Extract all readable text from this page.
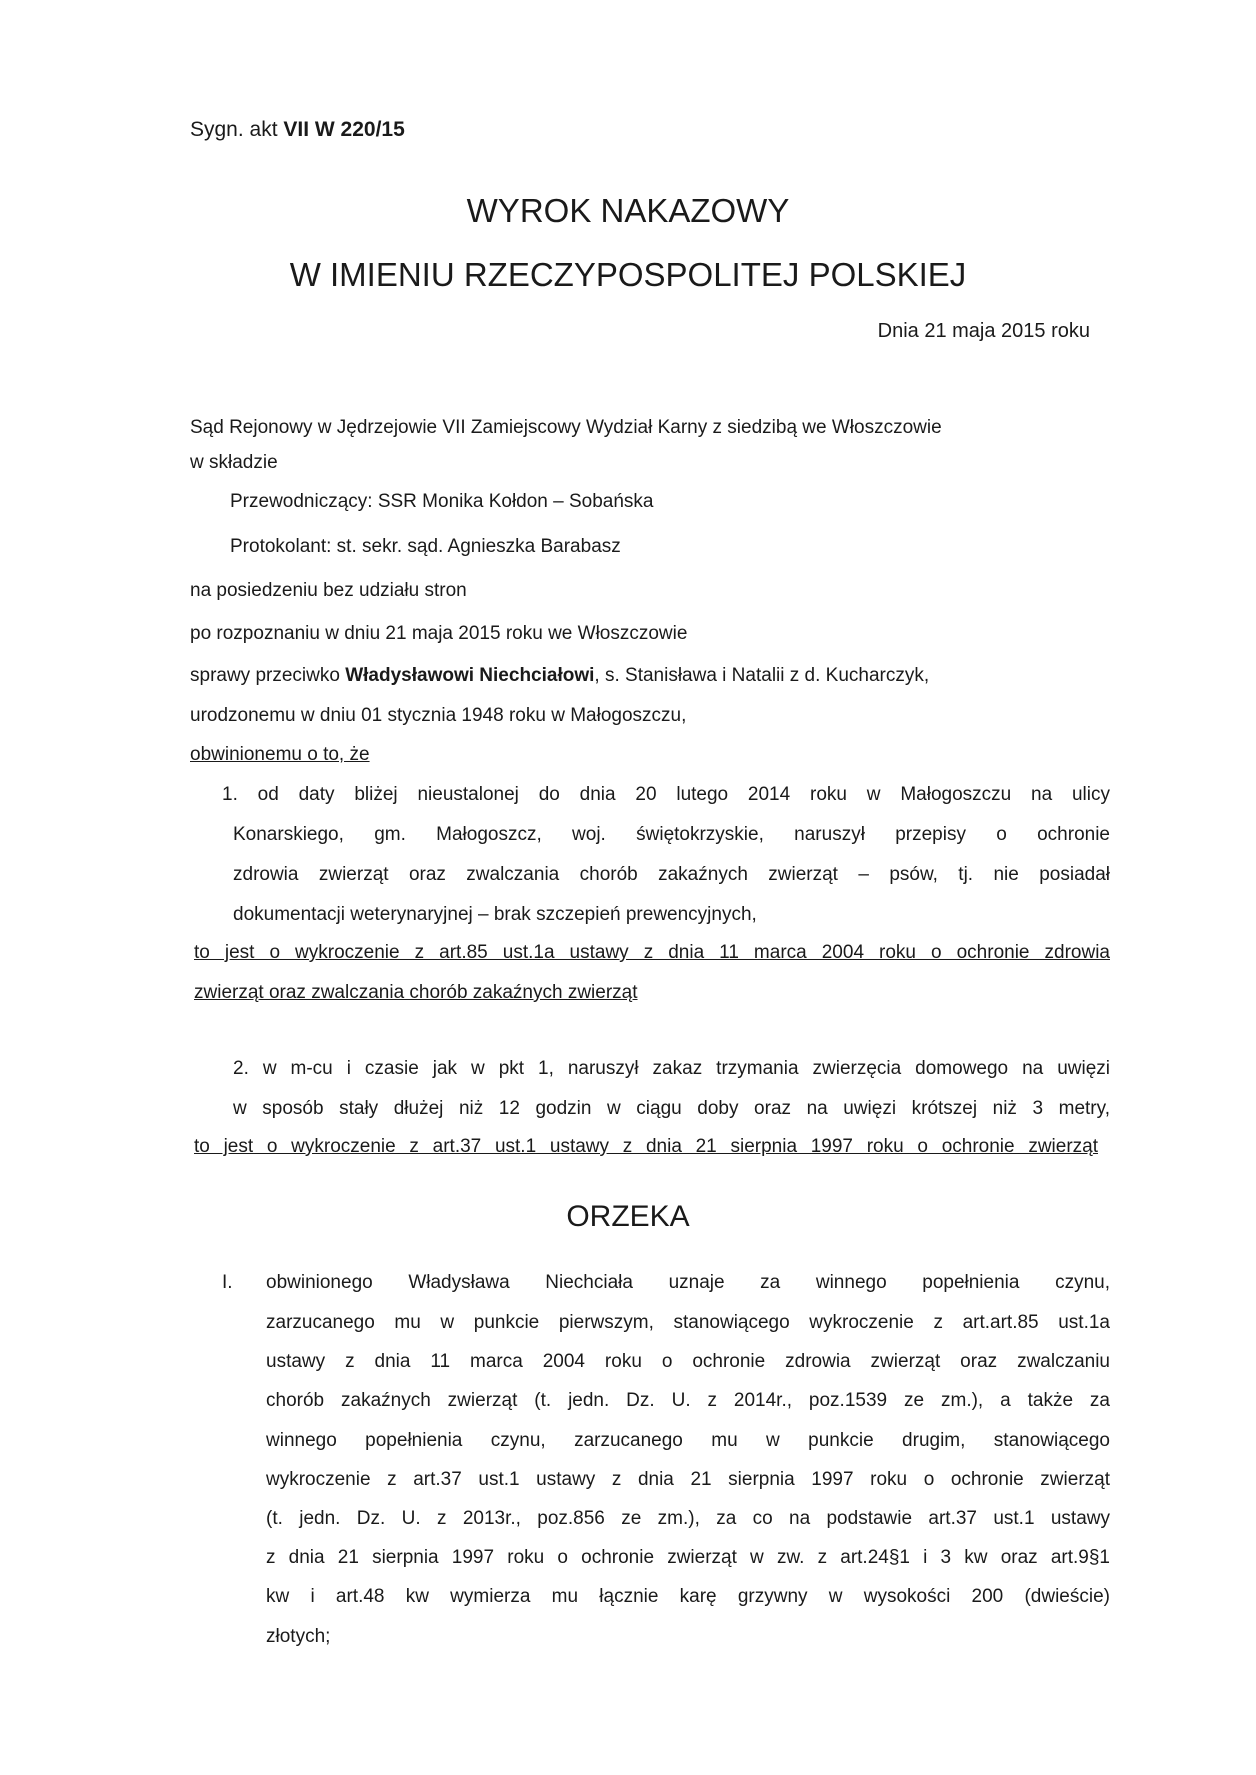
Sygn. akt VII W 220/15
WYROK NAKAZOWY
W IMIENIU RZECZYPOSPOLITEJ POLSKIEJ
Dnia 21 maja 2015 roku
Sąd Rejonowy w Jędrzejowie VII Zamiejscowy Wydział Karny z siedzibą we Włoszczowie
w składzie
Przewodniczący: SSR Monika Kołdon – Sobańska
Protokolant: st. sekr. sąd. Agnieszka Barabasz
na posiedzeniu bez udziału stron
po rozpoznaniu w dniu 21 maja 2015 roku we Włoszczowie
sprawy przeciwko Władysławowi Niechciałowi, s. Stanisława i Natalii z d. Kucharczyk,
urodzonemu w dniu 01 stycznia 1948 roku w Małogoszczu,
obwinionemu o to, że
1. od daty bliżej nieustalonej do dnia 20 lutego 2014 roku w Małogoszczu na ulicy
Konarskiego, gm. Małogoszcz, woj. świętokrzyskie, naruszył przepisy o ochronie
zdrowia zwierząt oraz zwalczania chorób zakaźnych zwierząt – psów, tj. nie posiadał
dokumentacji weterynaryjnej – brak szczepień prewencyjnych,
to jest o wykroczenie z art.85 ust.1a ustawy z dnia 11 marca 2004 roku o ochronie zdrowia
zwierząt oraz zwalczania chorób zakaźnych zwierząt
2. w m-cu i czasie jak w pkt 1, naruszył zakaz trzymania zwierzęcia domowego na uwięzi
w sposób stały dłużej niż 12 godzin w ciągu doby oraz na uwięzi krótszej niż 3 metry,
to jest o wykroczenie z art.37 ust.1 ustawy z dnia 21 sierpnia 1997 roku o ochronie zwierząt
ORZEKA
I. obwinionego Władysława Niechciała uznaje za winnego popełnienia czynu,
zarzucanego mu w punkcie pierwszym, stanowiącego wykroczenie z art.art.85 ust.1a
ustawy z dnia 11 marca 2004 roku o ochronie zdrowia zwierząt oraz zwalczaniu
chorób zakaźnych zwierząt (t. jedn. Dz. U. z 2014r., poz.1539 ze zm.), a także za
winnego popełnienia czynu, zarzucanego mu w punkcie drugim, stanowiącego
wykroczenie z art.37 ust.1 ustawy z dnia 21 sierpnia 1997 roku o ochronie zwierząt
(t. jedn. Dz. U. z 2013r., poz.856 ze zm.), za co na podstawie art.37 ust.1 ustawy
z dnia 21 sierpnia 1997 roku o ochronie zwierząt w zw. z art.24§1 i 3 kw oraz art.9§1
kw i art.48 kw wymierza mu łącznie karę grzywny w wysokości 200 (dwieście)
złotych;
